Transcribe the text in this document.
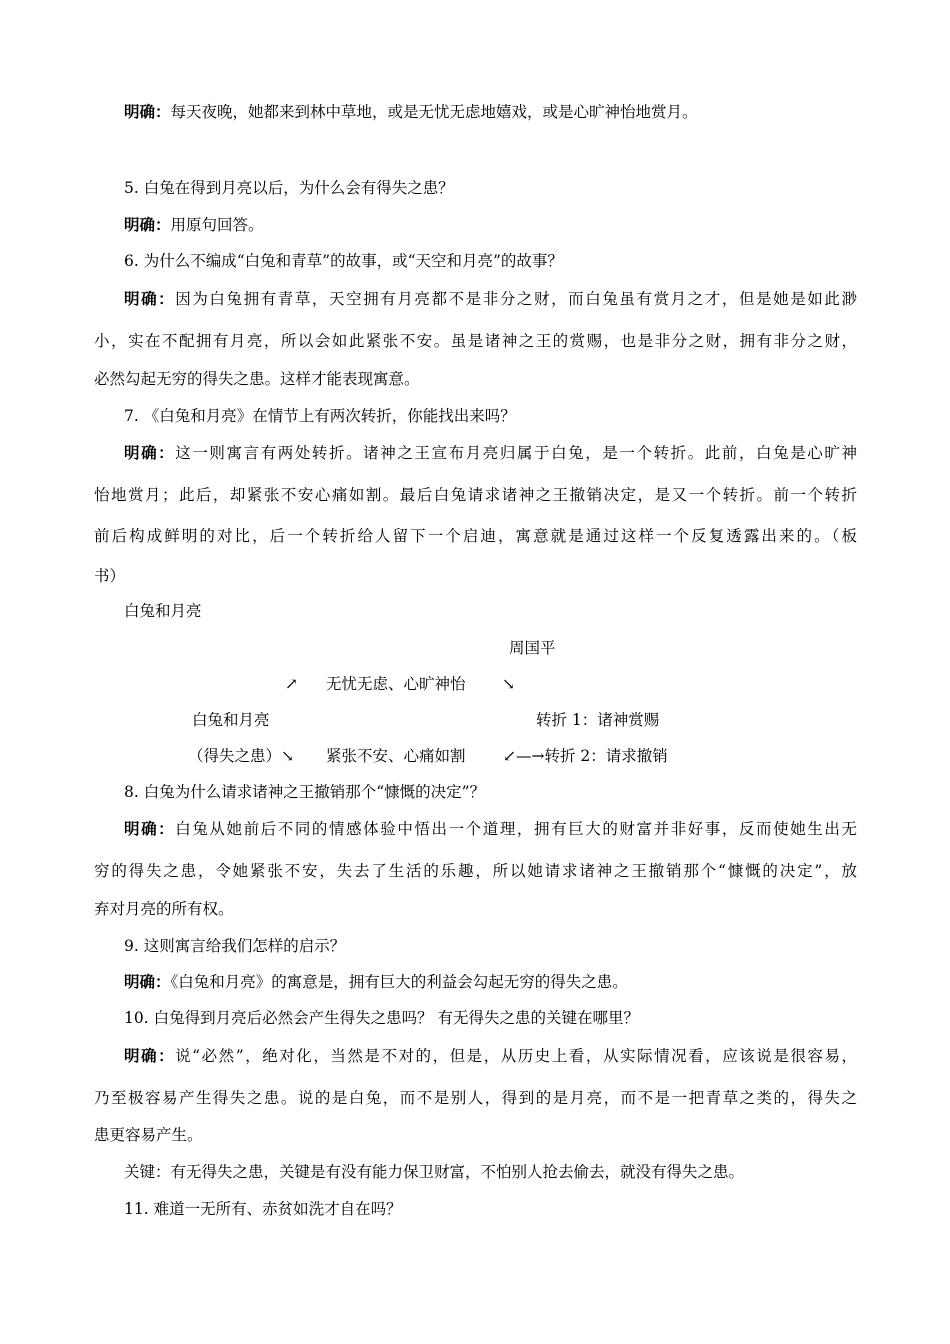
明确：每天夜晚，她都来到林中草地，或是无忧无虑地嬉戏，或是心旷神怡地赏月。
5. 白兔在得到月亮以后，为什么会有得失之患？
明确：用原句回答。
6. 为什么不编成“白兔和青草”的故事，或“天空和月亮”的故事？
明确：因为白兔拥有青草，天空拥有月亮都不是非分之财，而白兔虽有赏月之才，但是她是如此渺
小，实在不配拥有月亮，所以会如此紧张不安。虽是诸神之王的赏赐，也是非分之财，拥有非分之财，
必然勾起无穷的得失之患。这样才能表现寓意。
7. 《白兔和月亮》在情节上有两次转折，你能找出来吗？
明确：这一则寓言有两处转折。诸神之王宣布月亮归属于白兔，是一个转折。此前，白兔是心旷神
怡地赏月；此后，却紧张不安心痛如割。最后白兔请求诸神之王撤销决定，是又一个转折。前一个转折
前后构成鲜明的对比，后一个转折给人留下一个启迪，寓意就是通过这样一个反复透露出来的。（板
书）
白兔和月亮
周国平
↗ 无忧无虑、心旷神怡 ↘
白兔和月亮	转折 1：诸神赏赐
（得失之患）↘ 紧张不安、心痛如割 ↙—→转折 2：请求撤销
8. 白兔为什么请求诸神之王撤销那个“慷慨的决定”？
明确：白兔从她前后不同的情感体验中悟出一个道理，拥有巨大的财富并非好事，反而使她生出无
穷的得失之患，令她紧张不安，失去了生活的乐趣，所以她请求诸神之王撤销那个“慷慨的决定”，放
弃对月亮的所有权。
9. 这则寓言给我们怎样的启示？
明确：《白兔和月亮》的寓意是，拥有巨大的利益会勾起无穷的得失之患。
10. 白兔得到月亮后必然会产生得失之患吗？ 有无得失之患的关键在哪里？
明确：说“必然”，绝对化，当然是不对的，但是，从历史上看，从实际情况看，应该说是很容易，
乃至极容易产生得失之患。说的是白兔，而不是别人，得到的是月亮，而不是一把青草之类的，得失之
患更容易产生。
关键：有无得失之患，关键是有没有能力保卫财富，不怕别人抢去偷去，就没有得失之患。
11. 难道一无所有、赤贫如洗才自在吗？
